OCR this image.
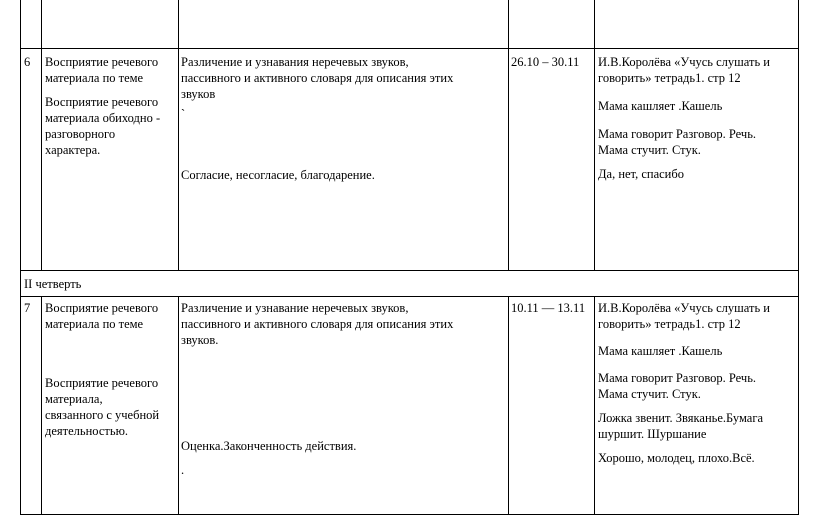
6 Восприятие речевого

материала по теме

Восприятие речевого

материала обиходно -

разговорного

характера.

Различение и узнавания неречевых звуков,

пассивного и активного словаря для описания этих

звуков

`

Согласие, несогласие, благодарение.
26.10 – 30.11 И.В.Королёва «Учусь слушать и

говорить» тетрадь1. стр 12

Мама кашляет .Кашель

Мама говорит Разговор. Речь.

Мама стучит. Стук.

Да, нет, спасибо

II четверть
7 Восприятие речевого

материала по теме

Восприятие речевого

материала,

связанного с учебной

деятельностью.

Различение и узнавание неречевых звуков,

пассивного и активного словаря для описания этих

звуков.

Оценка.Законченность действия.
.
10.11 — 13.11 И.В.Королёва «Учусь слушать и

говорить» тетрадь1. стр 12

Мама кашляет .Кашель

Мама говорит Разговор. Речь.

Мама стучит. Стук.

Ложка звенит. Звяканье.Бумага

шуршит. Шуршание

Хорошо, молодец, плохо.Всё.
